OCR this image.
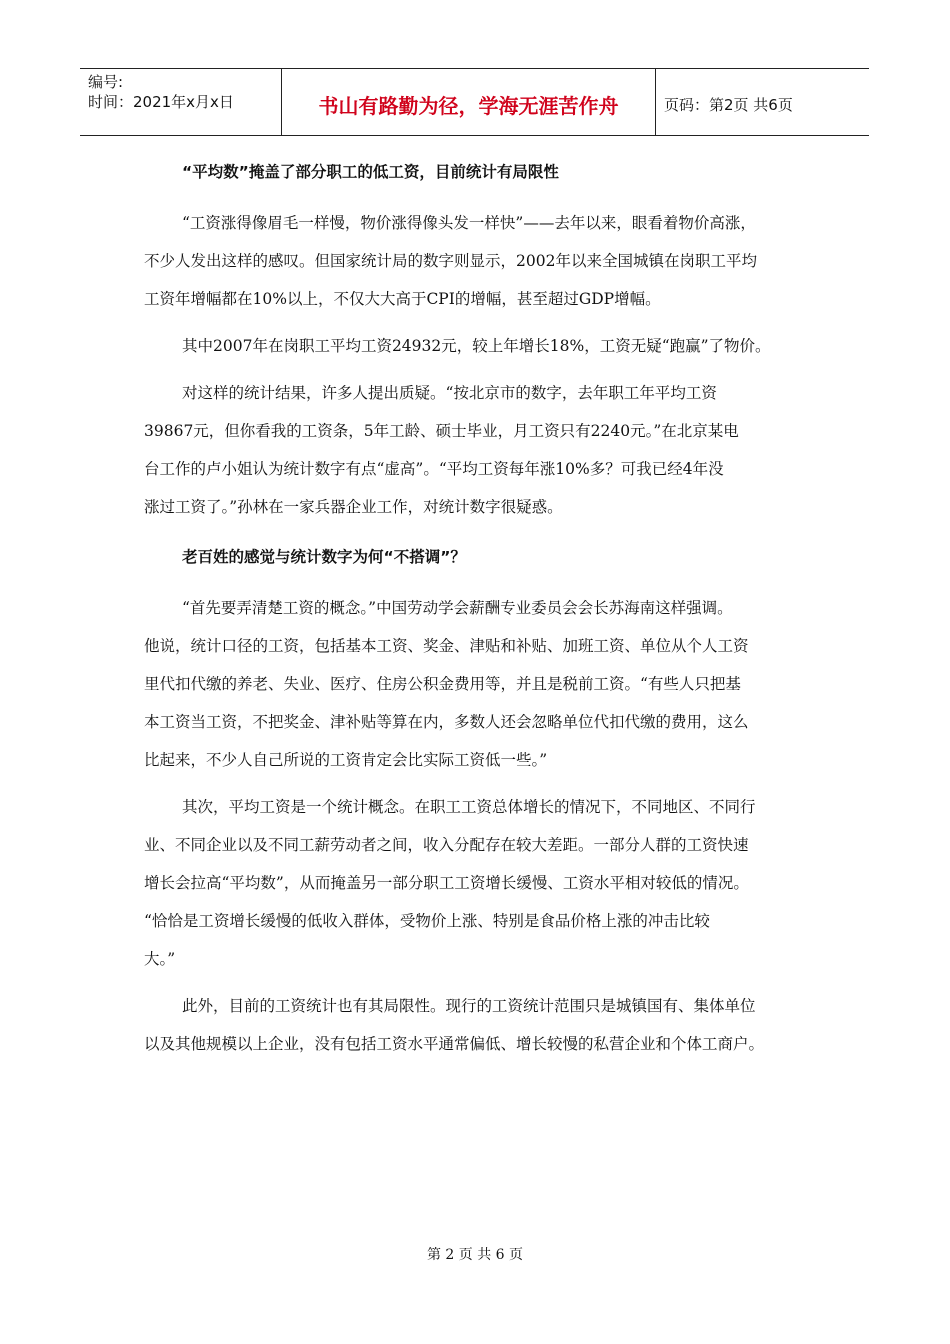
编号:
时间：2021年x月x日	书山有路勤为径，学海无涯苦作舟	页码：第2页 共6页
“平均数”掩盖了部分职工的低工资，目前统计有局限性
“工资涨得像眉毛一样慢，物价涨得像头发一样快”——去年以来，眼看着物价高涨，
不少人发出这样的感叹。但国家统计局的数字则显示，2002年以来全国城镇在岗职工平均
工资年增幅都在10%以上，不仅大大高于CPI的增幅，甚至超过GDP增幅。
其中2007年在岗职工平均工资24932元，较上年增长18%，工资无疑“跑赢”了物价。
对这样的统计结果，许多人提出质疑。“按北京市的数字，去年职工年平均工资
39867元，但你看我的工资条，5年工龄、硕士毕业，月工资只有2240元。”在北京某电
台工作的卢小姐认为统计数字有点“虚高”。“平均工资每年涨10%多？可我已经4年没
涨过工资了。”孙林在一家兵器企业工作，对统计数字很疑惑。
老百姓的感觉与统计数字为何“不搭调”？
“首先要弄清楚工资的概念。”中国劳动学会薪酬专业委员会会长苏海南这样强调。
他说，统计口径的工资，包括基本工资、奖金、津贴和补贴、加班工资、单位从个人工资
里代扣代缴的养老、失业、医疗、住房公积金费用等，并且是税前工资。“有些人只把基
本工资当工资，不把奖金、津补贴等算在内，多数人还会忽略单位代扣代缴的费用，这么
比起来，不少人自己所说的工资肯定会比实际工资低一些。”
其次，平均工资是一个统计概念。在职工工资总体增长的情况下，不同地区、不同行
业、不同企业以及不同工薪劳动者之间，收入分配存在较大差距。一部分人群的工资快速
增长会拉高“平均数”，从而掩盖另一部分职工工资增长缓慢、工资水平相对较低的情况。
“恰恰是工资增长缓慢的低收入群体，受物价上涨、特别是食品价格上涨的冲击比较
大。”
此外，目前的工资统计也有其局限性。现行的工资统计范围只是城镇国有、集体单位
以及其他规模以上企业，没有包括工资水平通常偏低、增长较慢的私营企业和个体工商户。
第 2 页 共 6 页
